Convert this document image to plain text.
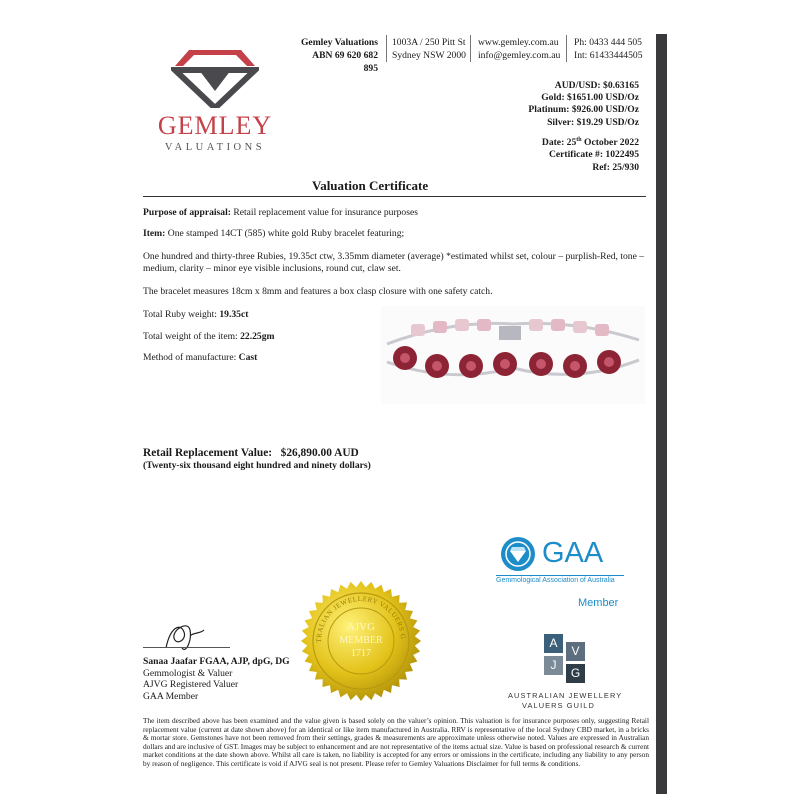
GEMLEY
VALUATIONS
Gemley Valuations
ABN 69 620 682 895
1003A / 250 Pitt St
Sydney NSW 2000
www.gemley.com.au
info@gemley.com.au
Ph: 0433 444 505
Int: 61433444505
AUD/USD: $0.63165
Gold: $1651.00 USD/Oz
Platinum: $926.00 USD/Oz
Silver: $19.29 USD/Oz
Date: 25th October 2022
Certificate #: 1022495
Ref: 25/930
Valuation Certificate
Purpose of appraisal: Retail replacement value for insurance purposes
Item: One stamped 14CT (585) white gold Ruby bracelet featuring;
One hundred and thirty-three Rubies, 19.35ct ctw, 3.35mm diameter (average) *estimated whilst set, colour – purplish-Red, tone – medium, clarity – minor eye visible inclusions, round cut, claw set.
The bracelet measures 18cm x 8mm and features a box clasp closure with one safety catch.
Total Ruby weight: 19.35ct
Total weight of the item: 22.25gm
Method of manufacture: Cast
Retail Replacement Value: $26,890.00 AUD
(Twenty-six thousand eight hundred and ninety dollars)
GAA
Gemmological Association of Australia
Member
A
V
J
G
AUSTRALIAN JEWELLERY
VALUERS GUILD
TRALIAN JEWELLERY VALUERS G
AJVG
MEMBER
1717
Sanaa Jaafar FGAA, AJP, dpG, DG
Gemmologist & Valuer
AJVG Registered Valuer
GAA Member
The item described above has been examined and the value given is based solely on the valuer’s opinion. This valuation is for insurance purposes only, suggesting Retail replacement value (current at date shown above) for an identical or like item manufactured in Australia. RRV is representative of the local Sydney CBD market, in a bricks & mortar store. Gemstones have not been removed from their settings, grades & measurements are approximate unless otherwise noted. Values are expressed in Australian dollars and are inclusive of GST. Images may be subject to enhancement and are not representative of the items actual size. Value is based on professional research & current market conditions at the date shown above. Whilst all care is taken, no liability is accepted for any errors or omissions in the certificate, including any liability to any person by reason of negligence. This certificate is void if AJVG seal is not present. Please refer to Gemley Valuations Disclaimer for full terms & conditions.
